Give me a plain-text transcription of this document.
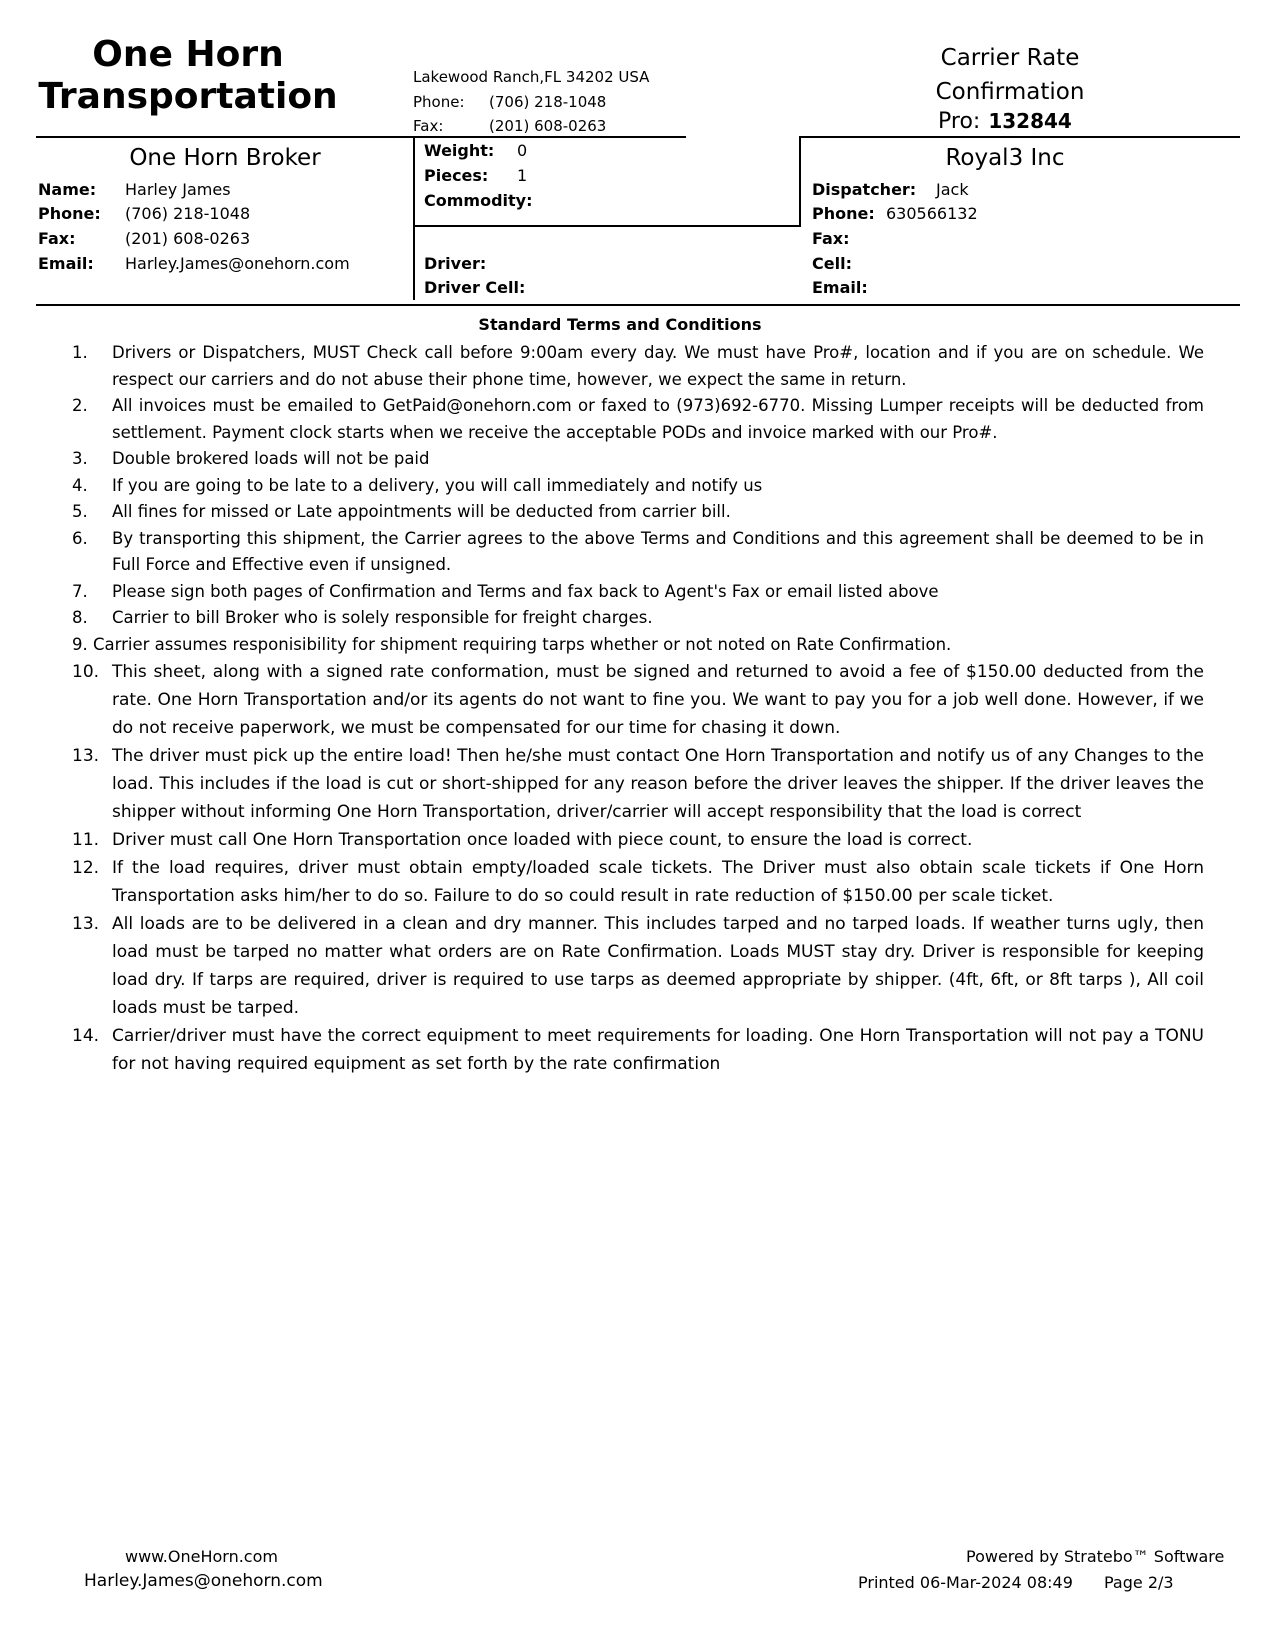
One Horn
Transportation	Lakewood Ranch,FL 34202 USA
Phone: (706) 218-1048
Fax:	(201) 608-0263
Carrier Rate
Confirmation
Pro: 132844
One Horn Broker
Name: Harley James
Phone: (706) 218-1048
Fax:	(201) 608-0263
Email: Harley.James@onehorn.com
Weight: 0
Pieces: 1
Commodity:
Driver:
Driver Cell:
Royal3 Inc
Dispatcher: Jack
Phone: 630566132
Fax:
Cell:
Email:
Standard Terms and Conditions
1. Drivers or Dispatchers, MUST Check call before 9:00am every day. We must have Pro#, location and if you are on schedule. We respect our carriers and do not abuse their phone time, however, we expect the same in return.
2. All invoices must be emailed to GetPaid@onehorn.com or faxed to (973)692-6770. Missing Lumper receipts will be deducted from settlement. Payment clock starts when we receive the acceptable PODs and invoice marked with our Pro#.
3. Double brokered loads will not be paid
4. If you are going to be late to a delivery, you will call immediately and notify us
5. All fines for missed or Late appointments will be deducted from carrier bill.
6. By transporting this shipment, the Carrier agrees to the above Terms and Conditions and this agreement shall be deemed to be in Full Force and Effective even if unsigned.
7. Please sign both pages of Confirmation and Terms and fax back to Agent's Fax or email listed above
8. Carrier to bill Broker who is solely responsible for freight charges.
9. Carrier assumes responisibility for shipment requiring tarps whether or not noted on Rate Confirmation.
10. This sheet, along with a signed rate conformation, must be signed and returned to avoid a fee of $150.00 deducted from the rate. One Horn Transportation and/or its agents do not want to fine you. We want to pay you for a job well done. However, if we do not receive paperwork, we must be compensated for our time for chasing it down.
13. The driver must pick up the entire load! Then he/she must contact One Horn Transportation and notify us of any Changes to the load. This includes if the load is cut or short-shipped for any reason before the driver leaves the shipper. If the driver leaves the shipper without informing One Horn Transportation, driver/carrier will accept responsibility that the load is correct
11. Driver must call One Horn Transportation once loaded with piece count, to ensure the load is correct.
12. If the load requires, driver must obtain empty/loaded scale tickets. The Driver must also obtain scale tickets if One Horn Transportation asks him/her to do so. Failure to do so could result in rate reduction of $150.00 per scale ticket.
13. All loads are to be delivered in a clean and dry manner. This includes tarped and no tarped loads. If weather turns ugly, then load must be tarped no matter what orders are on Rate Confirmation. Loads MUST stay dry. Driver is responsible for keeping load dry. If tarps are required, driver is required to use tarps as deemed appropriate by shipper. (4ft, 6ft, or 8ft tarps ), All coil loads must be tarped.
14. Carrier/driver must have the correct equipment to meet requirements for loading. One Horn Transportation will not pay a TONU for not having required equipment as set forth by the rate confirmation
www.OneHorn.com
Harley.James@onehorn.com
Powered by Stratebo™ Software
Printed 06-Mar-2024 08:49 Page 2/3
